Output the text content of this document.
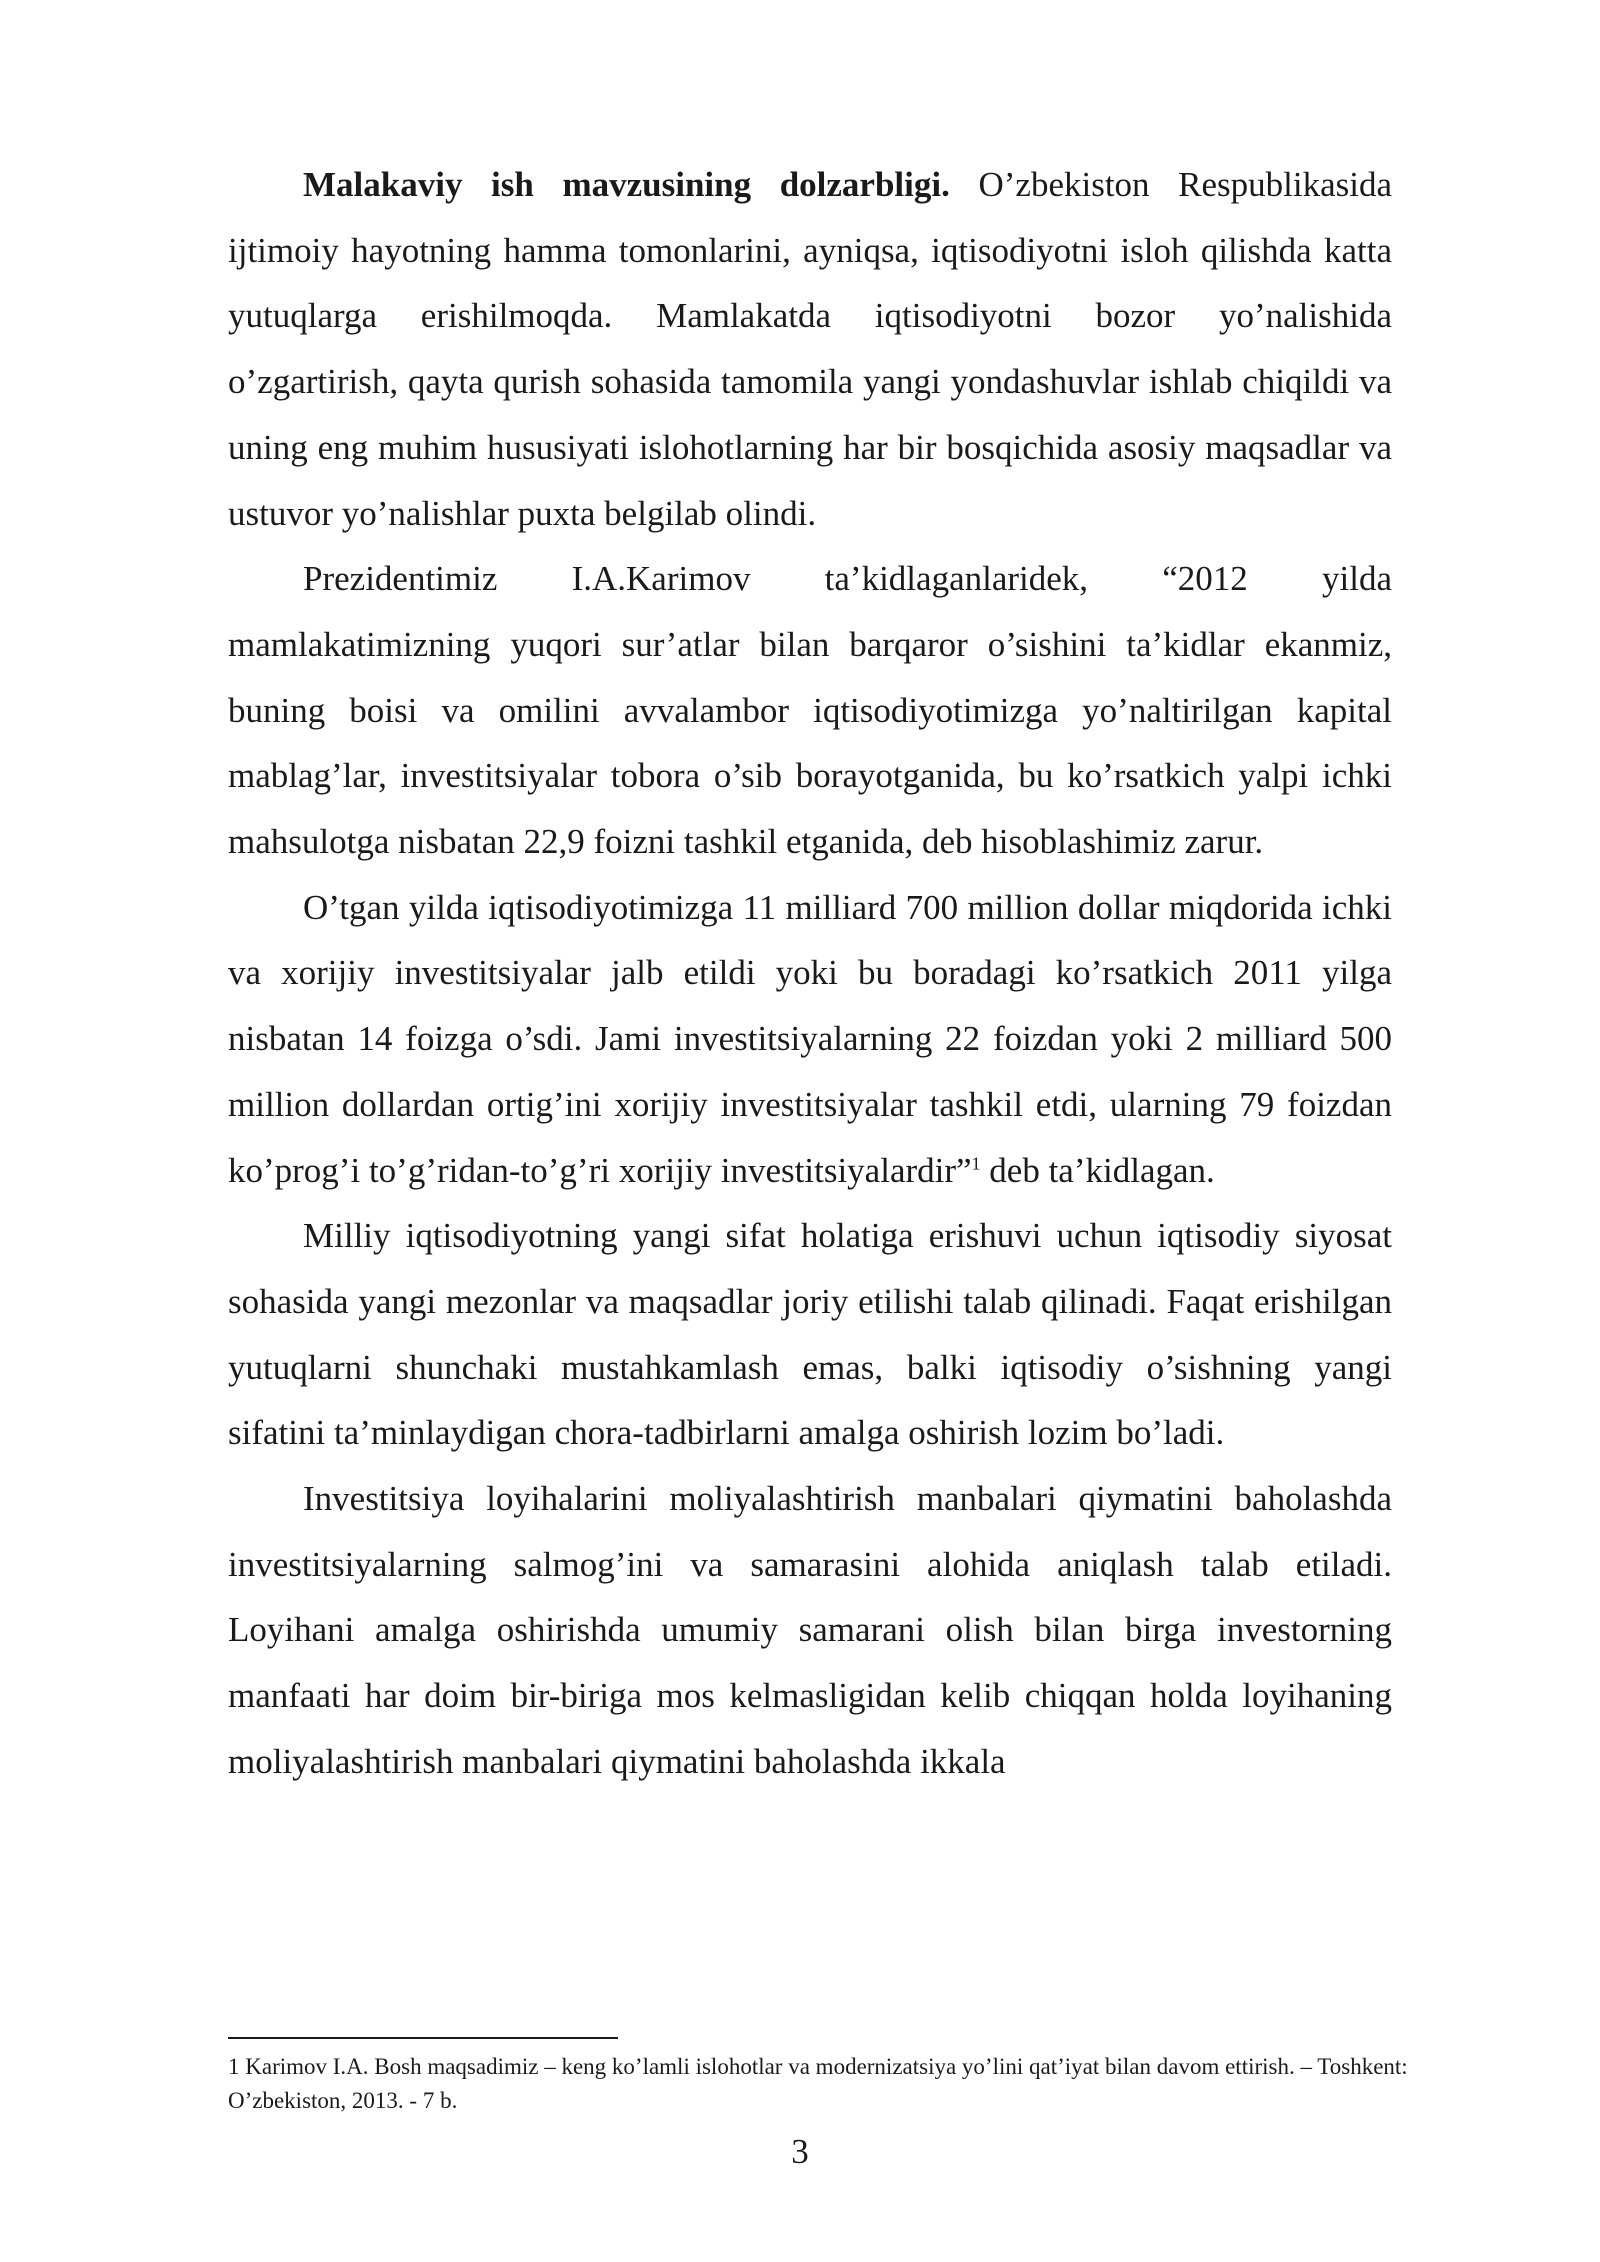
Malakaviy ish mavzusining dolzarbligi. O’zbekiston Respublikasida ijtimoiy hayotning hamma tomonlarini, ayniqsa, iqtisodiyotni isloh qilishda katta yutuqlarga erishilmoqda. Mamlakatda iqtisodiyotni bozor yo’nalishida o’zgartirish, qayta qurish sohasida tamomila yangi yondashuvlar ishlab chiqildi va uning eng muhim hususiyati islohotlarning har bir bosqichida asosiy maqsadlar va ustuvor yo’nalishlar puxta belgilab olindi.

Prezidentimiz I.A.Karimov ta’kidlaganlaridek, “2012 yilda mamlakatimizning yuqori sur’atlar bilan barqaror o’sishini ta’kidlar ekanmiz, buning boisi va omilini avvalambor iqtisodiyotimizga yo’naltirilgan kapital mablag’lar, investitsiyalar tobora o’sib borayotganida, bu ko’rsatkich yalpi ichki mahsulotga nisbatan 22,9 foizni tashkil etganida, deb hisoblashimiz zarur.

O’tgan yilda iqtisodiyotimizga 11 milliard 700 million dollar miqdorida ichki va xorijiy investitsiyalar jalb etildi yoki bu boradagi ko’rsatkich 2011 yilga nisbatan 14 foizga o’sdi. Jami investitsiyalarning 22 foizdan yoki 2 milliard 500 million dollardan ortig’ini xorijiy investitsiyalar tashkil etdi, ularning 79 foizdan ko’prog’i to’g’ridan-to’g’ri xorijiy investitsiyalardir”$^1$ deb ta’kidlagan.

Milliy iqtisodiyotning yangi sifat holatiga erishuvi uchun iqtisodiy siyosat sohasida yangi mezonlar va maqsadlar joriy etilishi talab qilinadi. Faqat erishilgan yutuqlarni shunchaki mustahkamlash emas, balki iqtisodiy o’sishning yangi sifatini ta’minlaydigan chora-tadbirlarni amalga oshirish lozim bo’ladi.

Investitsiya loyihalarini moliyalashtirish manbalari qiymatini baholashda investitsiyalarning salmog’ini va samarasini alohida aniqlash talab etiladi. Loyihani amalga oshirishda umumiy samarani olish bilan birga investorning manfaati har doim bir-biriga mos kelmasligidan kelib chiqqan holda loyihaning moliyalashtirish manbalari qiymatini baholashda ikkala

1 Karimov I.A. Bosh maqsadimiz – keng ko’lamli islohotlar va modernizatsiya yo’lini qat’iyat bilan davom ettirish. – Toshkent: O’zbekiston, 2013. - 7 b.

3
